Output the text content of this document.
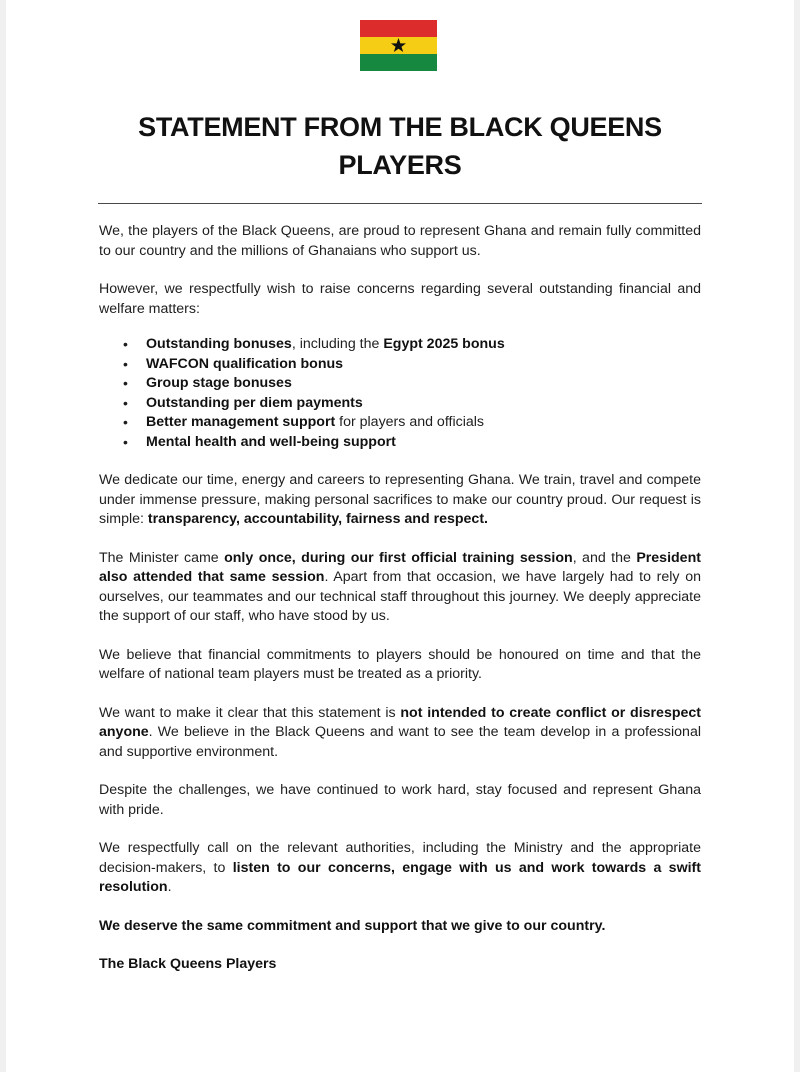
STATEMENT FROM THE BLACK QUEENS
PLAYERS

We, the players of the Black Queens, are proud to represent Ghana and remain fully committed to our country and the millions of Ghanaians who support us.

However, we respectfully wish to raise concerns regarding several outstanding financial and welfare matters:

• Outstanding bonuses, including the Egypt 2025 bonus
• WAFCON qualification bonus
• Group stage bonuses
• Outstanding per diem payments
• Better management support for players and officials
• Mental health and well-being support

We dedicate our time, energy and careers to representing Ghana. We train, travel and compete under immense pressure, making personal sacrifices to make our country proud. Our request is simple: transparency, accountability, fairness and respect.

The Minister came only once, during our first official training session, and the President also attended that same session. Apart from that occasion, we have largely had to rely on ourselves, our teammates and our technical staff throughout this journey. We deeply appreciate the support of our staff, who have stood by us.

We believe that financial commitments to players should be honoured on time and that the welfare of national team players must be treated as a priority.

We want to make it clear that this statement is not intended to create conflict or disrespect anyone. We believe in the Black Queens and want to see the team develop in a professional and supportive environment.

Despite the challenges, we have continued to work hard, stay focused and represent Ghana with pride.

We respectfully call on the relevant authorities, including the Ministry and the appropriate decision-makers, to listen to our concerns, engage with us and work towards a swift resolution.

We deserve the same commitment and support that we give to our country.

The Black Queens Players
